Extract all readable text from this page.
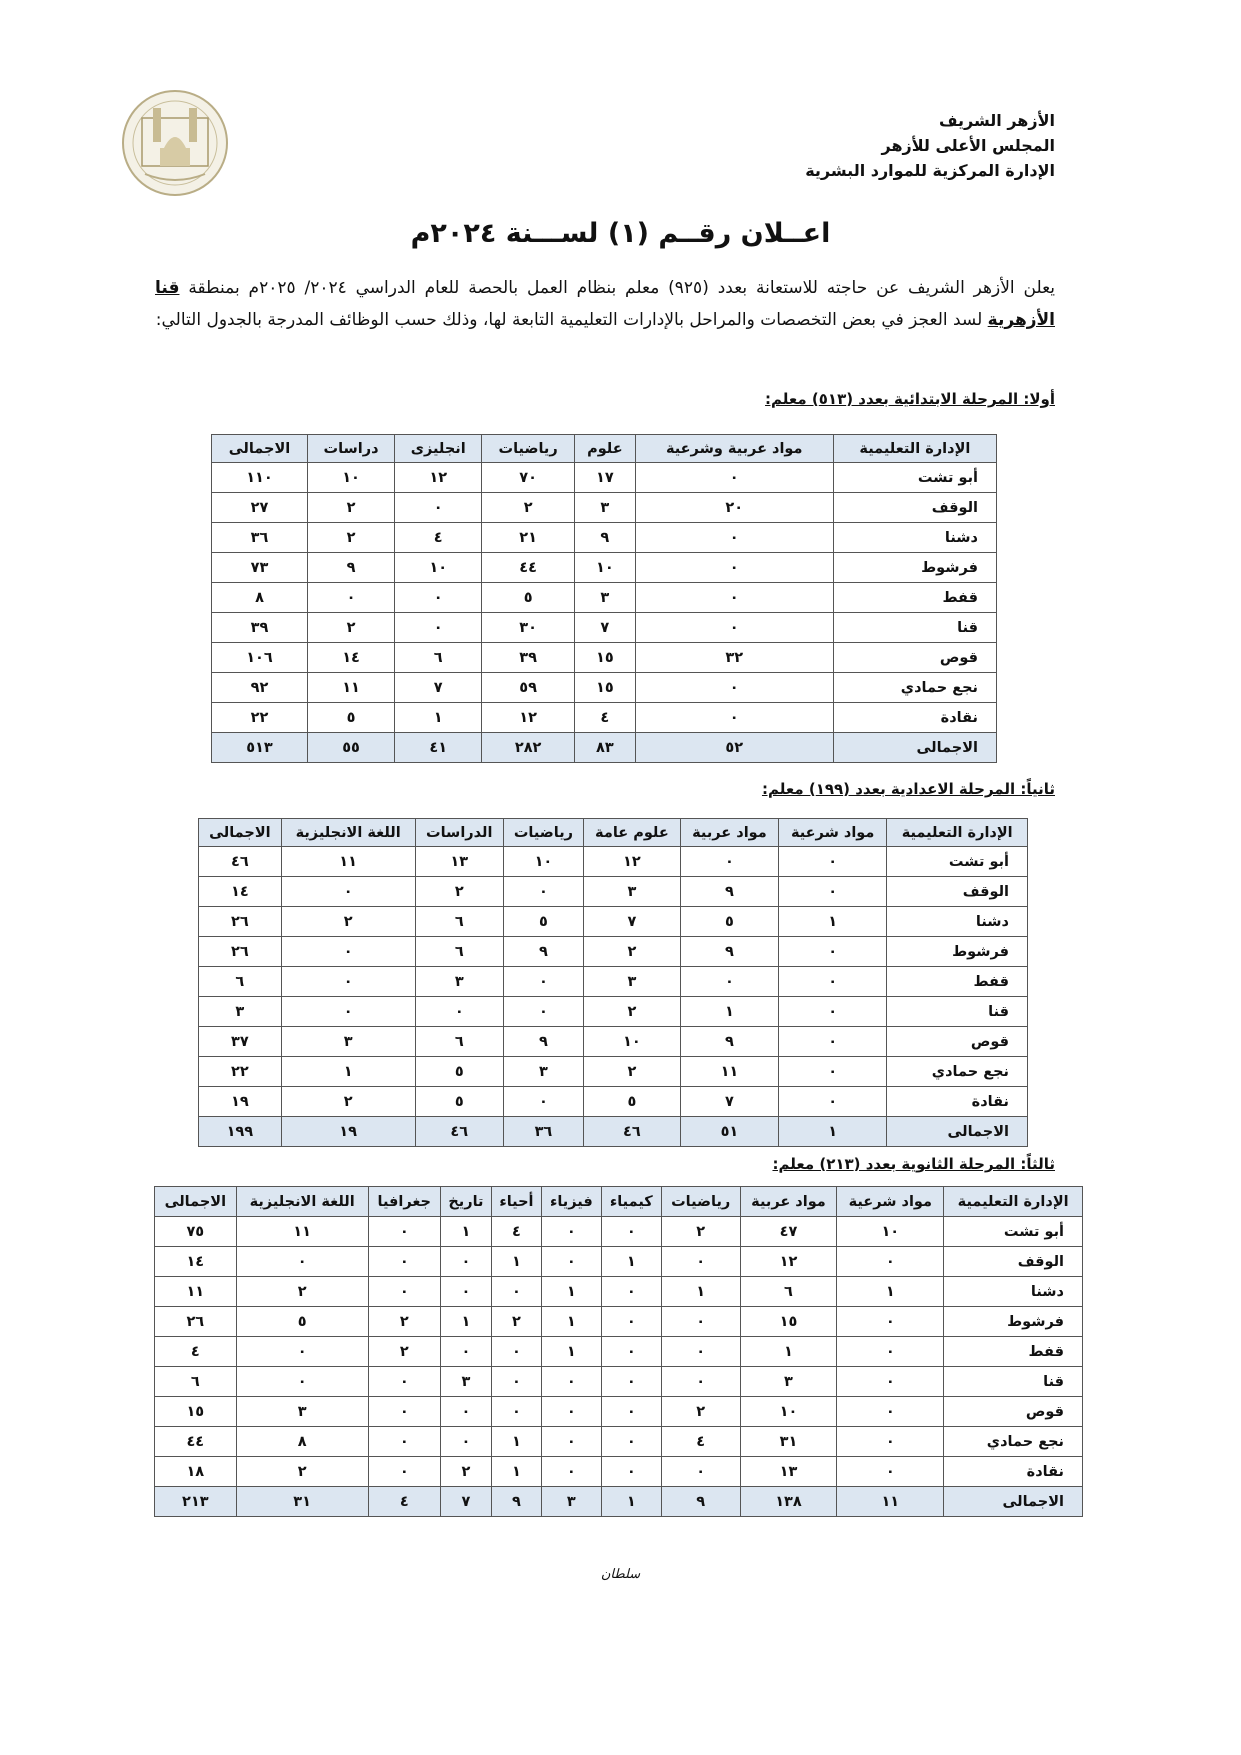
الأزهر الشريف
المجلس الأعلى للأزهر
الإدارة المركزية للموارد البشرية
اعــلان رقــم (١) لســـنة ٢٠٢٤م
يعلن الأزهر الشريف عن حاجته للاستعانة بعدد (٩٢٥) معلم بنظام العمل بالحصة للعام الدراسي ٢٠٢٤/ ٢٠٢٥م بمنطقة قنا الأزهرية لسد العجز في بعض التخصصات والمراحل بالإدارات التعليمية التابعة لها، وذلك حسب الوظائف المدرجة بالجدول التالي:
أولا: المرحلة الابتدائية بعدد (٥١٣) معلم:
الإدارة التعليمية	مواد عربية وشرعية	علوم	رياضيات	انجليزى	دراسات	الاجمالى
أبو تشت	٠	١٧	٧٠	١٢	١٠	١١٠
الوقف	٢٠	٣	٢	٠	٢	٢٧
دشنا	٠	٩	٢١	٤	٢	٣٦
فرشوط	٠	١٠	٤٤	١٠	٩	٧٣
قفط	٠	٣	٥	٠	٠	٨
قنا	٠	٧	٣٠	٠	٢	٣٩
قوص	٣٢	١٥	٣٩	٦	١٤	١٠٦
نجع حمادي	٠	١٥	٥٩	٧	١١	٩٢
نقادة	٠	٤	١٢	١	٥	٢٢
الاجمالى	٥٢	٨٣	٢٨٢	٤١	٥٥	٥١٣
ثانياً: المرحلة الاعدادية بعدد (١٩٩) معلم:
الإدارة التعليمية	مواد شرعية	مواد عربية	علوم عامة	رياضيات	الدراسات	اللغة الانجليزية	الاجمالى
أبو تشت	٠	٠	١٢	١٠	١٣	١١	٤٦
الوقف	٠	٩	٣	٠	٢	٠	١٤
دشنا	١	٥	٧	٥	٦	٢	٢٦
فرشوط	٠	٩	٢	٩	٦	٠	٢٦
قفط	٠	٠	٣	٠	٣	٠	٦
قنا	٠	١	٢	٠	٠	٠	٣
قوص	٠	٩	١٠	٩	٦	٣	٣٧
نجع حمادي	٠	١١	٢	٣	٥	١	٢٢
نقادة	٠	٧	٥	٠	٥	٢	١٩
الاجمالى	١	٥١	٤٦	٣٦	٤٦	١٩	١٩٩
ثالثاً: المرحلة الثانوية بعدد (٢١٣) معلم:
الإدارة التعليمية	مواد شرعية	مواد عربية	رياضيات	كيمياء	فيزياء	أحياء	تاريخ	جغرافيا	اللغة الانجليزية	الاجمالى
أبو تشت	١٠	٤٧	٢	٠	٠	٤	١	٠	١١	٧٥
الوقف	٠	١٢	٠	١	٠	١	٠	٠	٠	١٤
دشنا	١	٦	١	٠	١	٠	٠	٠	٢	١١
فرشوط	٠	١٥	٠	٠	١	٢	١	٢	٥	٢٦
قفط	٠	١	٠	٠	١	٠	٠	٢	٠	٤
قنا	٠	٣	٠	٠	٠	٠	٣	٠	٠	٦
قوص	٠	١٠	٢	٠	٠	٠	٠	٠	٣	١٥
نجع حمادي	٠	٣١	٤	٠	٠	١	٠	٠	٨	٤٤
نقادة	٠	١٣	٠	٠	٠	١	٢	٠	٢	١٨
الاجمالى	١١	١٣٨	٩	١	٣	٩	٧	٤	٣١	٢١٣
سلطان
